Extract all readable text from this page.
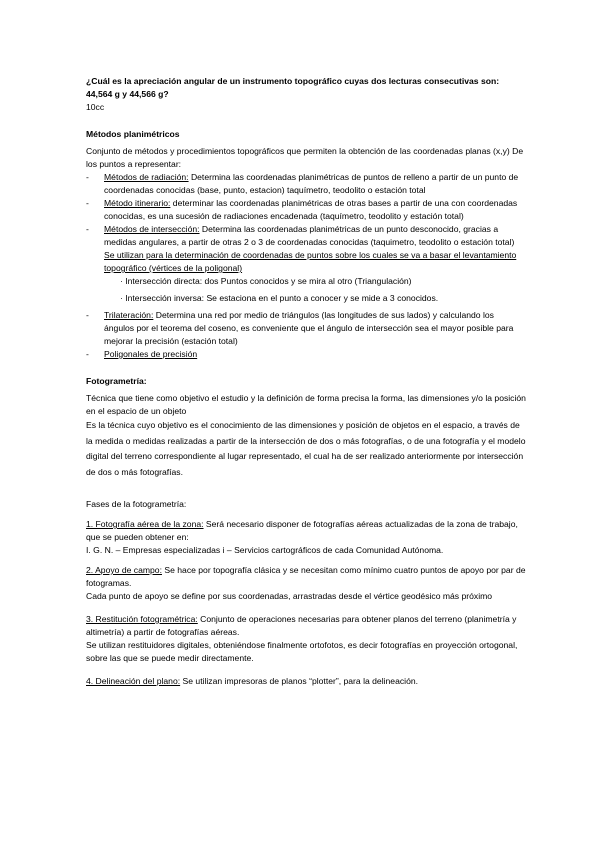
¿Cuál es la apreciación angular de un instrumento topográfico cuyas dos lecturas consecutivas son: 44,564 g y 44,566 g?

10cc

Métodos planimétricos

Conjunto de métodos y procedimientos topográficos que permiten la obtención de las coordenadas planas (x,y) De los puntos a representar:

-	Métodos de radiación: Determina las coordenadas planimétricas de puntos de relleno a partir de un punto de coordenadas conocidas (base, punto, estacion) taquímetro, teodolito o estación total
-	Método itinerario: determinar las coordenadas planimétricas de otras bases a partir de una con coordenadas conocidas, es una sucesión de radiaciones encadenada (taquímetro, teodolito y estación total)
-	Métodos de intersección: Determina las coordenadas planimétricas de un punto desconocido, gracias a medidas angulares, a partir de otras 2 o 3 de coordenadas conocidas (taquimetro, teodolito o estación total)

Se utilizan para la determinación de coordenadas de puntos sobre los cuales se va a basar el levantamiento topográfico (vértices de la poligonal)

· Intersección directa: dos Puntos conocidos y se mira al otro (Triangulación)

· Intersección inversa: Se estaciona en el punto a conocer y se mide a 3 conocidos.

-	Trilateración: Determina una red por medio de triángulos (las longitudes de sus lados) y calculando los ángulos por el teorema del coseno, es conveniente que el ángulo de intersección sea el mayor posible para mejorar la precisión (estación total)
-	Poligonales de precisión

Fotogrametría:

Técnica que tiene como objetivo el estudio y la definición de forma precisa la forma, las dimensiones y/o la posición en el espacio de un objeto

Es la técnica cuyo objetivo es el conocimiento de las dimensiones y posición de objetos en el espacio, a través de la medida o medidas realizadas a partir de la intersección de dos o más fotografías, o de una fotografía y el modelo digital del terreno correspondiente al lugar representado, el cual ha de ser realizado anteriormente por intersección de dos o más fotografías.

Fases de la fotogrametría:

1. Fotografía aérea de la zona: Será necesario disponer de fotografías aéreas actualizadas de la zona de trabajo, que se pueden obtener en:

I. G. N. – Empresas especializadas i – Servicios cartográficos de cada Comunidad Autónoma.

2. Apoyo de campo: Se hace por topografía clásica y se necesitan como mínimo cuatro puntos de apoyo por par de fotogramas.

Cada punto de apoyo se define por sus coordenadas, arrastradas desde el vértice geodésico más próximo

3. Restitución fotogramétrica: Conjunto de operaciones necesarias para obtener planos del terreno (planimetría y altimetría) a partir de fotografías aéreas.

Se utilizan restituidores digitales, obteniéndose finalmente ortofotos, es decir fotografías en proyección ortogonal, sobre las que se puede medir directamente.

4. Delineación del plano: Se utilizan impresoras de planos “plotter”, para la delineación.
